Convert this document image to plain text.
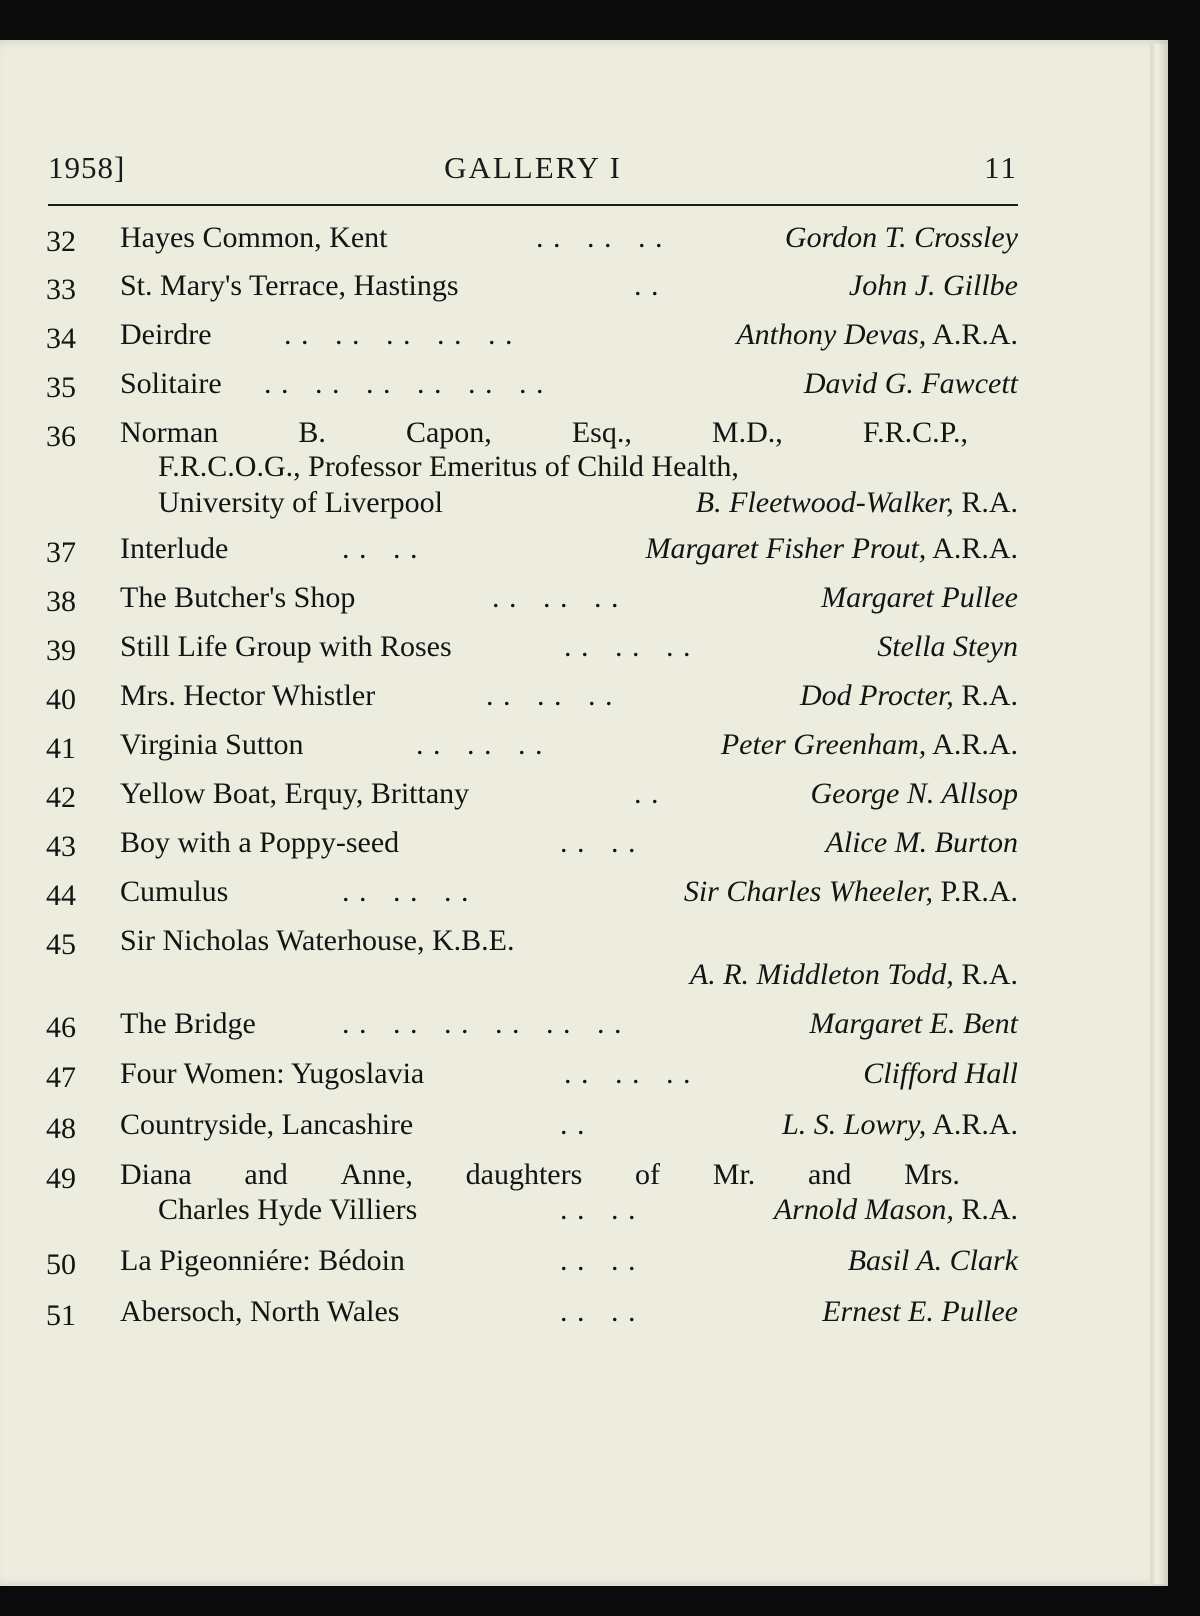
GALLERY I
1958]	11
32	Hayes Common, Kent	. .   . .   . .	Gordon T. Crossley
33	St. Mary's Terrace, Hastings	. .	John J. Gillbe
34	Deirdre . .   . .   . .   . .   . .	Anthony Devas, A.R.A.
35	Solitaire . .   . .   . .   . .   . .   . .	David G. Fawcett
36	Norman	B.	Capon,	Esq.,	M.D.,	F.R.C.P.,
F.R.C.O.G., Professor Emeritus of Child Health,
University of Liverpool	B. Fleetwood-Walker, R.A.
37	Interlude	. .   . .	Margaret Fisher Prout, A.R.A.
38	The Butcher's Shop	. .   . .   . .	Margaret Pullee
39	Still Life Group with Roses	. .   . .   . .	Stella Steyn
40	Mrs. Hector Whistler	. .   . .   . .	Dod Procter, R.A.
41	Virginia Sutton	. .   . .   . .	Peter Greenham, A.R.A.
42	Yellow Boat, Erquy, Brittany	. .	George N. Allsop
43	Boy with a Poppy-seed	. .   . .	Alice M. Burton
44	Cumulus	. .   . .   . .	Sir Charles Wheeler, P.R.A.
45	Sir Nicholas Waterhouse, K.B.E.
A. R. Middleton Todd, R.A.
46	The Bridge	. .   . .   . .   . .   . .   . .	Margaret E. Bent
47	Four Women: Yugoslavia	. .   . .   . .	Clifford Hall
48	Countryside, Lancashire	. .	L. S. Lowry, A.R.A.
49	Diana and Anne, daughters of Mr. and Mrs.
Charles Hyde Villiers	. .   . .	Arnold Mason, R.A.
50	La Pigeonniére: Bédoin	. .   . .	Basil A. Clark
51	Abersoch, North Wales	. .   . .	Ernest E. Pullee
